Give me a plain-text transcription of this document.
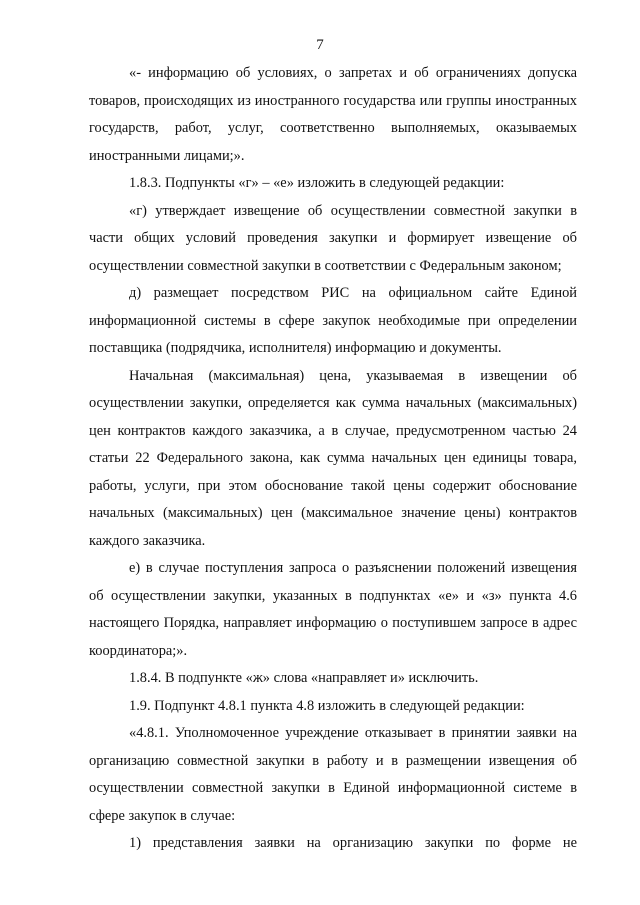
7

«- информацию об условиях, о запретах и об ограничениях допуска товаров, происходящих из иностранного государства или группы иностранных государств, работ, услуг, соответственно выполняемых, оказываемых иностранными лицами;».

1.8.3. Подпункты «г» – «е» изложить в следующей редакции:

«г) утверждает извещение об осуществлении совместной закупки в части общих условий проведения закупки и формирует извещение об осуществлении совместной закупки в соответствии с Федеральным законом;

д) размещает посредством РИС на официальном сайте Единой информационной системы в сфере закупок необходимые при определении поставщика (подрядчика, исполнителя) информацию и документы.

Начальная (максимальная) цена, указываемая в извещении об осуществлении закупки, определяется как сумма начальных (максимальных) цен контрактов каждого заказчика, а в случае, предусмотренном частью 24 статьи 22 Федерального закона, как сумма начальных цен единицы товара, работы, услуги, при этом обоснование такой цены содержит обоснование начальных (максимальных) цен (максимальное значение цены) контрактов каждого заказчика.

е) в случае поступления запроса о разъяснении положений извещения об осуществлении закупки, указанных в подпунктах «е» и «з» пункта 4.6 настоящего Порядка, направляет информацию о поступившем запросе в адрес координатора;».

1.8.4. В подпункте «ж» слова «направляет и» исключить.

1.9. Подпункт 4.8.1 пункта 4.8 изложить в следующей редакции:

«4.8.1. Уполномоченное учреждение отказывает в принятии заявки на организацию совместной закупки в работу и в размещении извещения об осуществлении совместной закупки в Единой информационной системе в сфере закупок в случае:

1) представления заявки на организацию закупки по форме не
